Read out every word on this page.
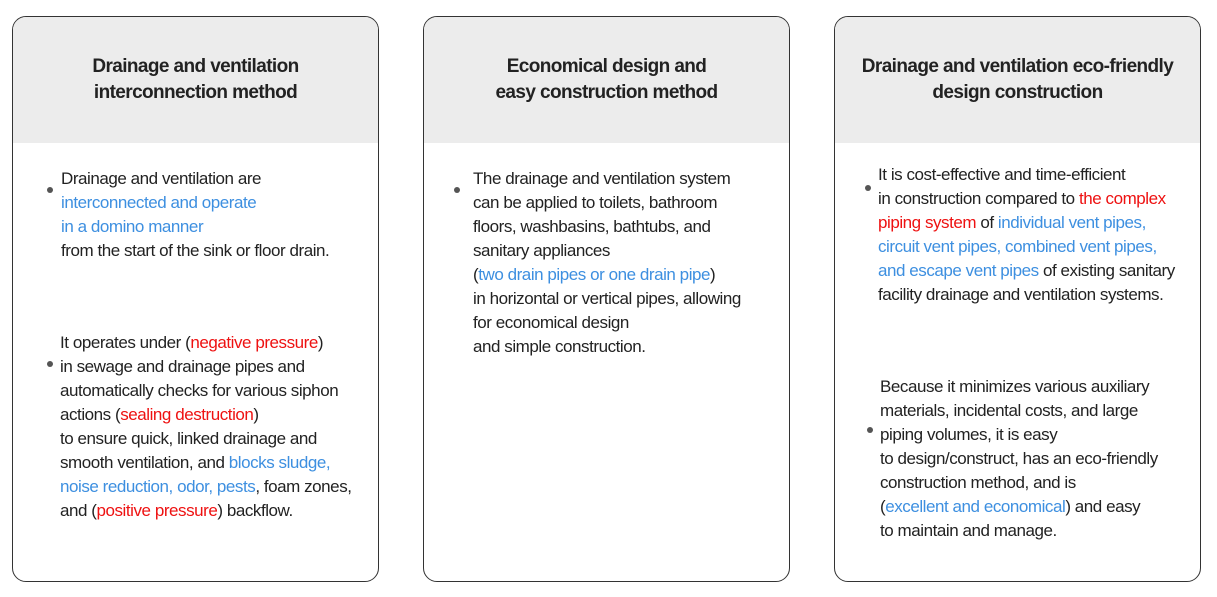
Drainage and ventilation
interconnection method

Drainage and ventilation are
interconnected and operate
in a domino manner
from the start of the sink or floor drain.

It operates under (negative pressure)
in sewage and drainage pipes and
automatically checks for various siphon
actions (sealing destruction)
to ensure quick, linked drainage and
smooth ventilation, and blocks sludge,
noise reduction, odor, pests, foam zones,
and (positive pressure) backflow.

Economical design and
easy construction method

The drainage and ventilation system
can be applied to toilets, bathroom
floors, washbasins, bathtubs, and
sanitary appliances
(two drain pipes or one drain pipe)
in horizontal or vertical pipes, allowing
for economical design
and simple construction.

Drainage and ventilation eco-friendly
design construction

It is cost-effective and time-efficient
in construction compared to the complex
piping system of individual vent pipes,
circuit vent pipes, combined vent pipes,
and escape vent pipes of existing sanitary
facility drainage and ventilation systems.

Because it minimizes various auxiliary
materials, incidental costs, and large
piping volumes, it is easy
to design/construct, has an eco-friendly
construction method, and is
(excellent and economical) and easy
to maintain and manage.
